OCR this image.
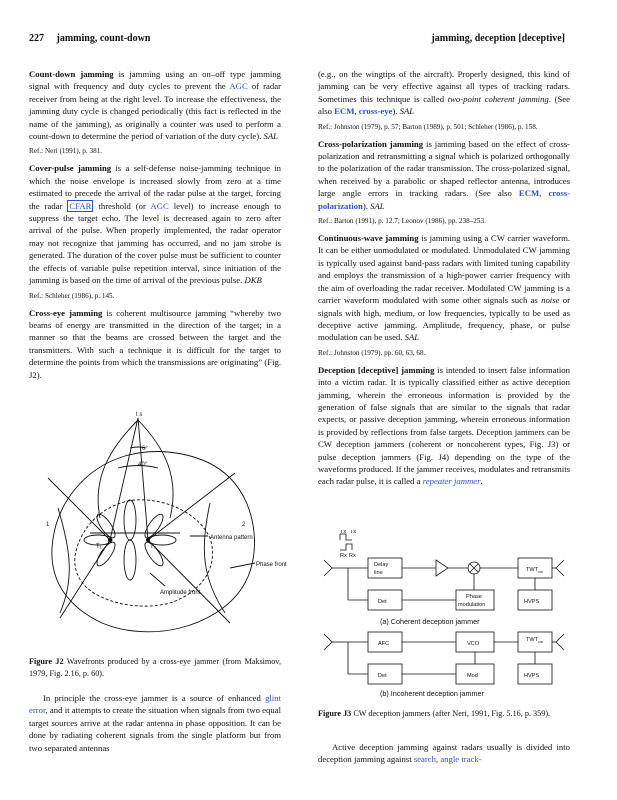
227 jamming, count-down	jamming, deception [deceptive]

Count-down jamming is jamming using an on–off type jamming signal with frequency and duty cycles to prevent the AGC of radar receiver from being at the right level. To increase the effectiveness, the jamming duty cycle is changed periodically (this fact is reflected in the name of the jamming), as originally a counter was used to perform a count-down to determine the period of variation of the duty cycle). SAL

Ref.: Neri (1991), p. 381.

Cover-pulse jamming is a self-defense noise-jamming technique in which the noise envelope is increased slowly from zero at a time estimated to precede the arrival of the radar pulse at the target, forcing the radar CFAR threshold (or AGC level) to increase enough to suppress the target echo. The level is decreased again to zero after arrival of the pulse. When properly implemented, the radar operator may not recognize that jamming has occurred, and no jam strobe is generated. The duration of the cover pulse must be sufficient to counter the effects of variable pulse repetition interval, since initiation of the jamming is based on the time of arrival of the previous pulse. DKB

Ref.: Schleher (1986), p. 145.

Cross-eye jamming is coherent multisource jamming “whereby two beams of energy are transmitted in the direction of the target; in a manner so that the beams are crossed between the target and the transmitters. With such a technique it is difficult for the target to determine the points from which the transmissions are originating” (Fig. J2).

t s
40°
6°
T₁	T₂
1	2
Antenna pattern
Amplitude front
Phase front
Figure J2 Wavefronts produced by a cross-eye jammer (from Maksimov, 1979, Fig. 2.16, p. 60).
In principle the cross-eye jammer is a source of enhanced glint error, and it attempts to create the situation when signals from two equal target sources arrive at the radar antenna in phase opposition. It can be done by radiating coherent signals from the single platform but from two separated antennas

(e.g., on the wingtips of the aircraft). Properly designed, this kind of jamming can be very effective against all types of tracking radars. Sometimes this technique is called two-point coherent jamming. (See also ECM, cross-eye). SAL

Ref.: Johnston (1979), p. 57; Barton (1989), p. 501; Schleher (1986), p. 158.

Cross-polarization jamming is jamming based on the effect of cross-polarization and retransmitting a signal which is polarized orthogonally to the polarization of the radar transmission. The cross-polarized signal, when received by a parabolic or shaped reflector antenna, introduces large angle errors in tracking radars. (See also ECM, cross-polarization). SAL

Ref.: Barton (1991), p. 12.7; Leonov (1986), pp. 238–253.

Continuous-wave jamming is jamming using a CW carrier waveform. It can be either unmodulated or modulated. Unmodulated CW jamming is typically used against band-pass radars with limited tuning capability and employs the transmission of a high-power carrier frequency with the aim of overloading the radar receiver. Modulated CW jamming is a carrier waveform modulated with some other signals such as noise or signals with high, medium, or low frequencies, typically to be used as deceptive active jamming. Amplitude, frequency, phase, or pulse modulation can be used. SAL

Ref.: Johnston (1979), pp. 60, 63, 68.

Deception [deceptive] jamming is intended to insert false information into a victim radar. It is typically classified either as active deception jamming, wherein the erroneous information is provided by the generation of false signals that are similar to the signals that radar expects, or passive deception jamming, wherein erroneous information is provided by reflections from false targets. Deception jammers can be CW deception jammers (coherent or noncoherent types, Fig. J3) or pulse deception jammers (Fig. J4) depending on the type of the waveforms produced. If the jammer receives, modulates and retransmits each radar pulse, it is called a repeater jammer.

Tx Tx
Rx Rx
Delay
line	$TWT_{cw}$
Det
Phase
modulation	HVPS
AFC	VCO
$TWT_{cw}$
Det	Mod	HVPS
(a) Coherent deception jammer
(b) Incoherent deception jammer
Figure J3 CW deception jammers (after Neri, 1991, Fig. 5.16, p. 359).
Active deception jamming against radars usually is divided into deception jamming against search, angle track-
